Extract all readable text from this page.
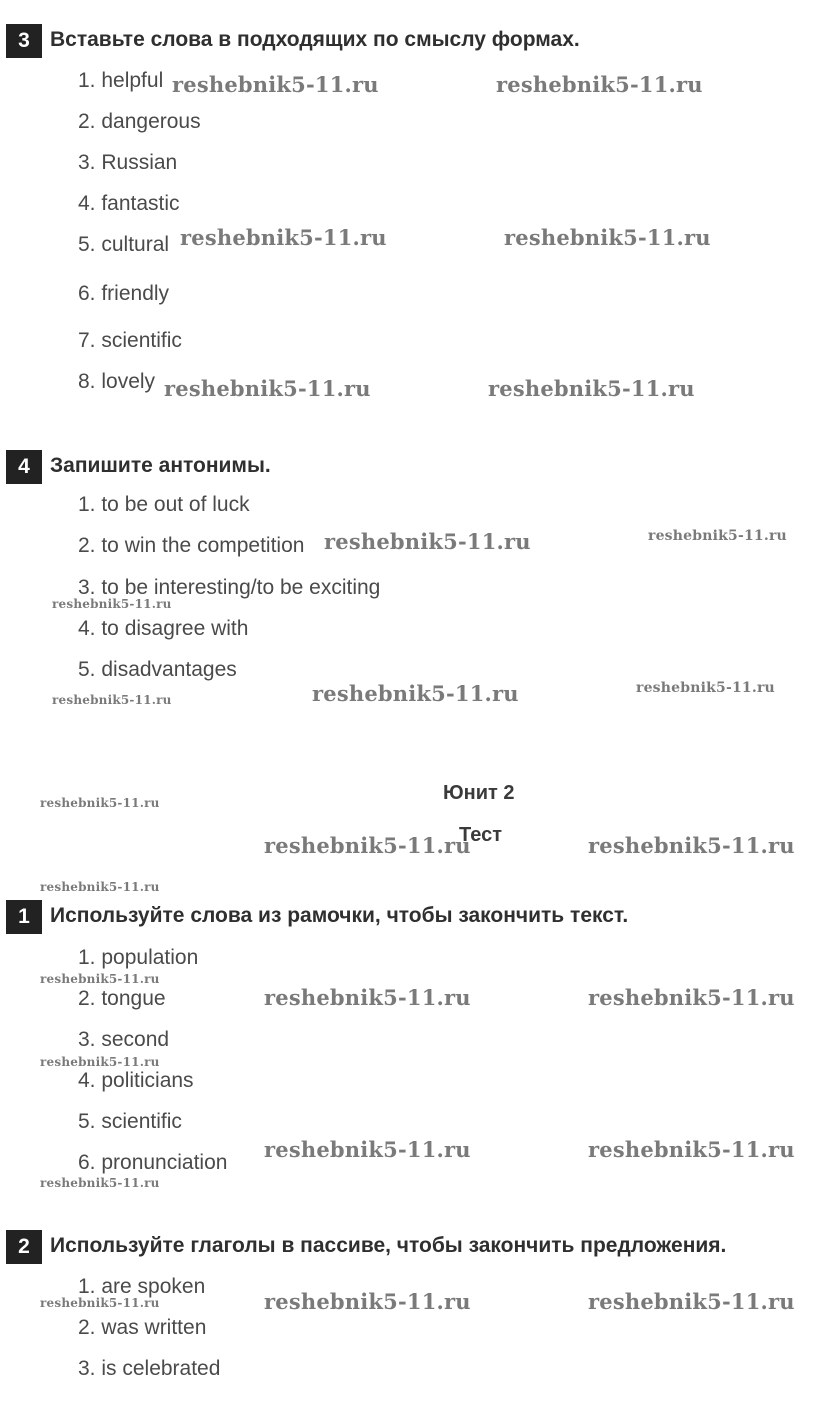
3 Вставьте слова в подходящих по смыслу формах.
1. helpful
2. dangerous
3. Russian
4. fantastic
5. cultural
6. friendly
7. scientific
8. lovely
4 Запишите антонимы.
1. to be out of luck
2. to win the competition
3. to be interesting/to be exciting
4. to disagree with
5. disadvantages
Юнит 2
Тест
1 Используйте слова из рамочки, чтобы закончить текст.
1. population
2. tongue
3. second
4. politicians
5. scientific
6. pronunciation
2 Используйте глаголы в пассиве, чтобы закончить предложения.
1. are spoken
2. was written
3. is celebrated
reshebnik5-11.ru	reshebnik5-11.ru
reshebnik5-11.ru	reshebnik5-11.ru
reshebnik5-11.ru	reshebnik5-11.ru
reshebnik5-11.ru	reshebnik5-11.ru
reshebnik5-11.ru
reshebnik5-11.ru	reshebnik5-11.ru
reshebnik5-11.ru
reshebnik5-11.ru
reshebnik5-11.ru	reshebnik5-11.ru
reshebnik5-11.ru
reshebnik5-11.ru
reshebnik5-11.ru	reshebnik5-11.ru
reshebnik5-11.ru
reshebnik5-11.ru	reshebnik5-11.ru
reshebnik5-11.ru
reshebnik5-11.ru	reshebnik5-11.ru	reshebnik5-11.ru
